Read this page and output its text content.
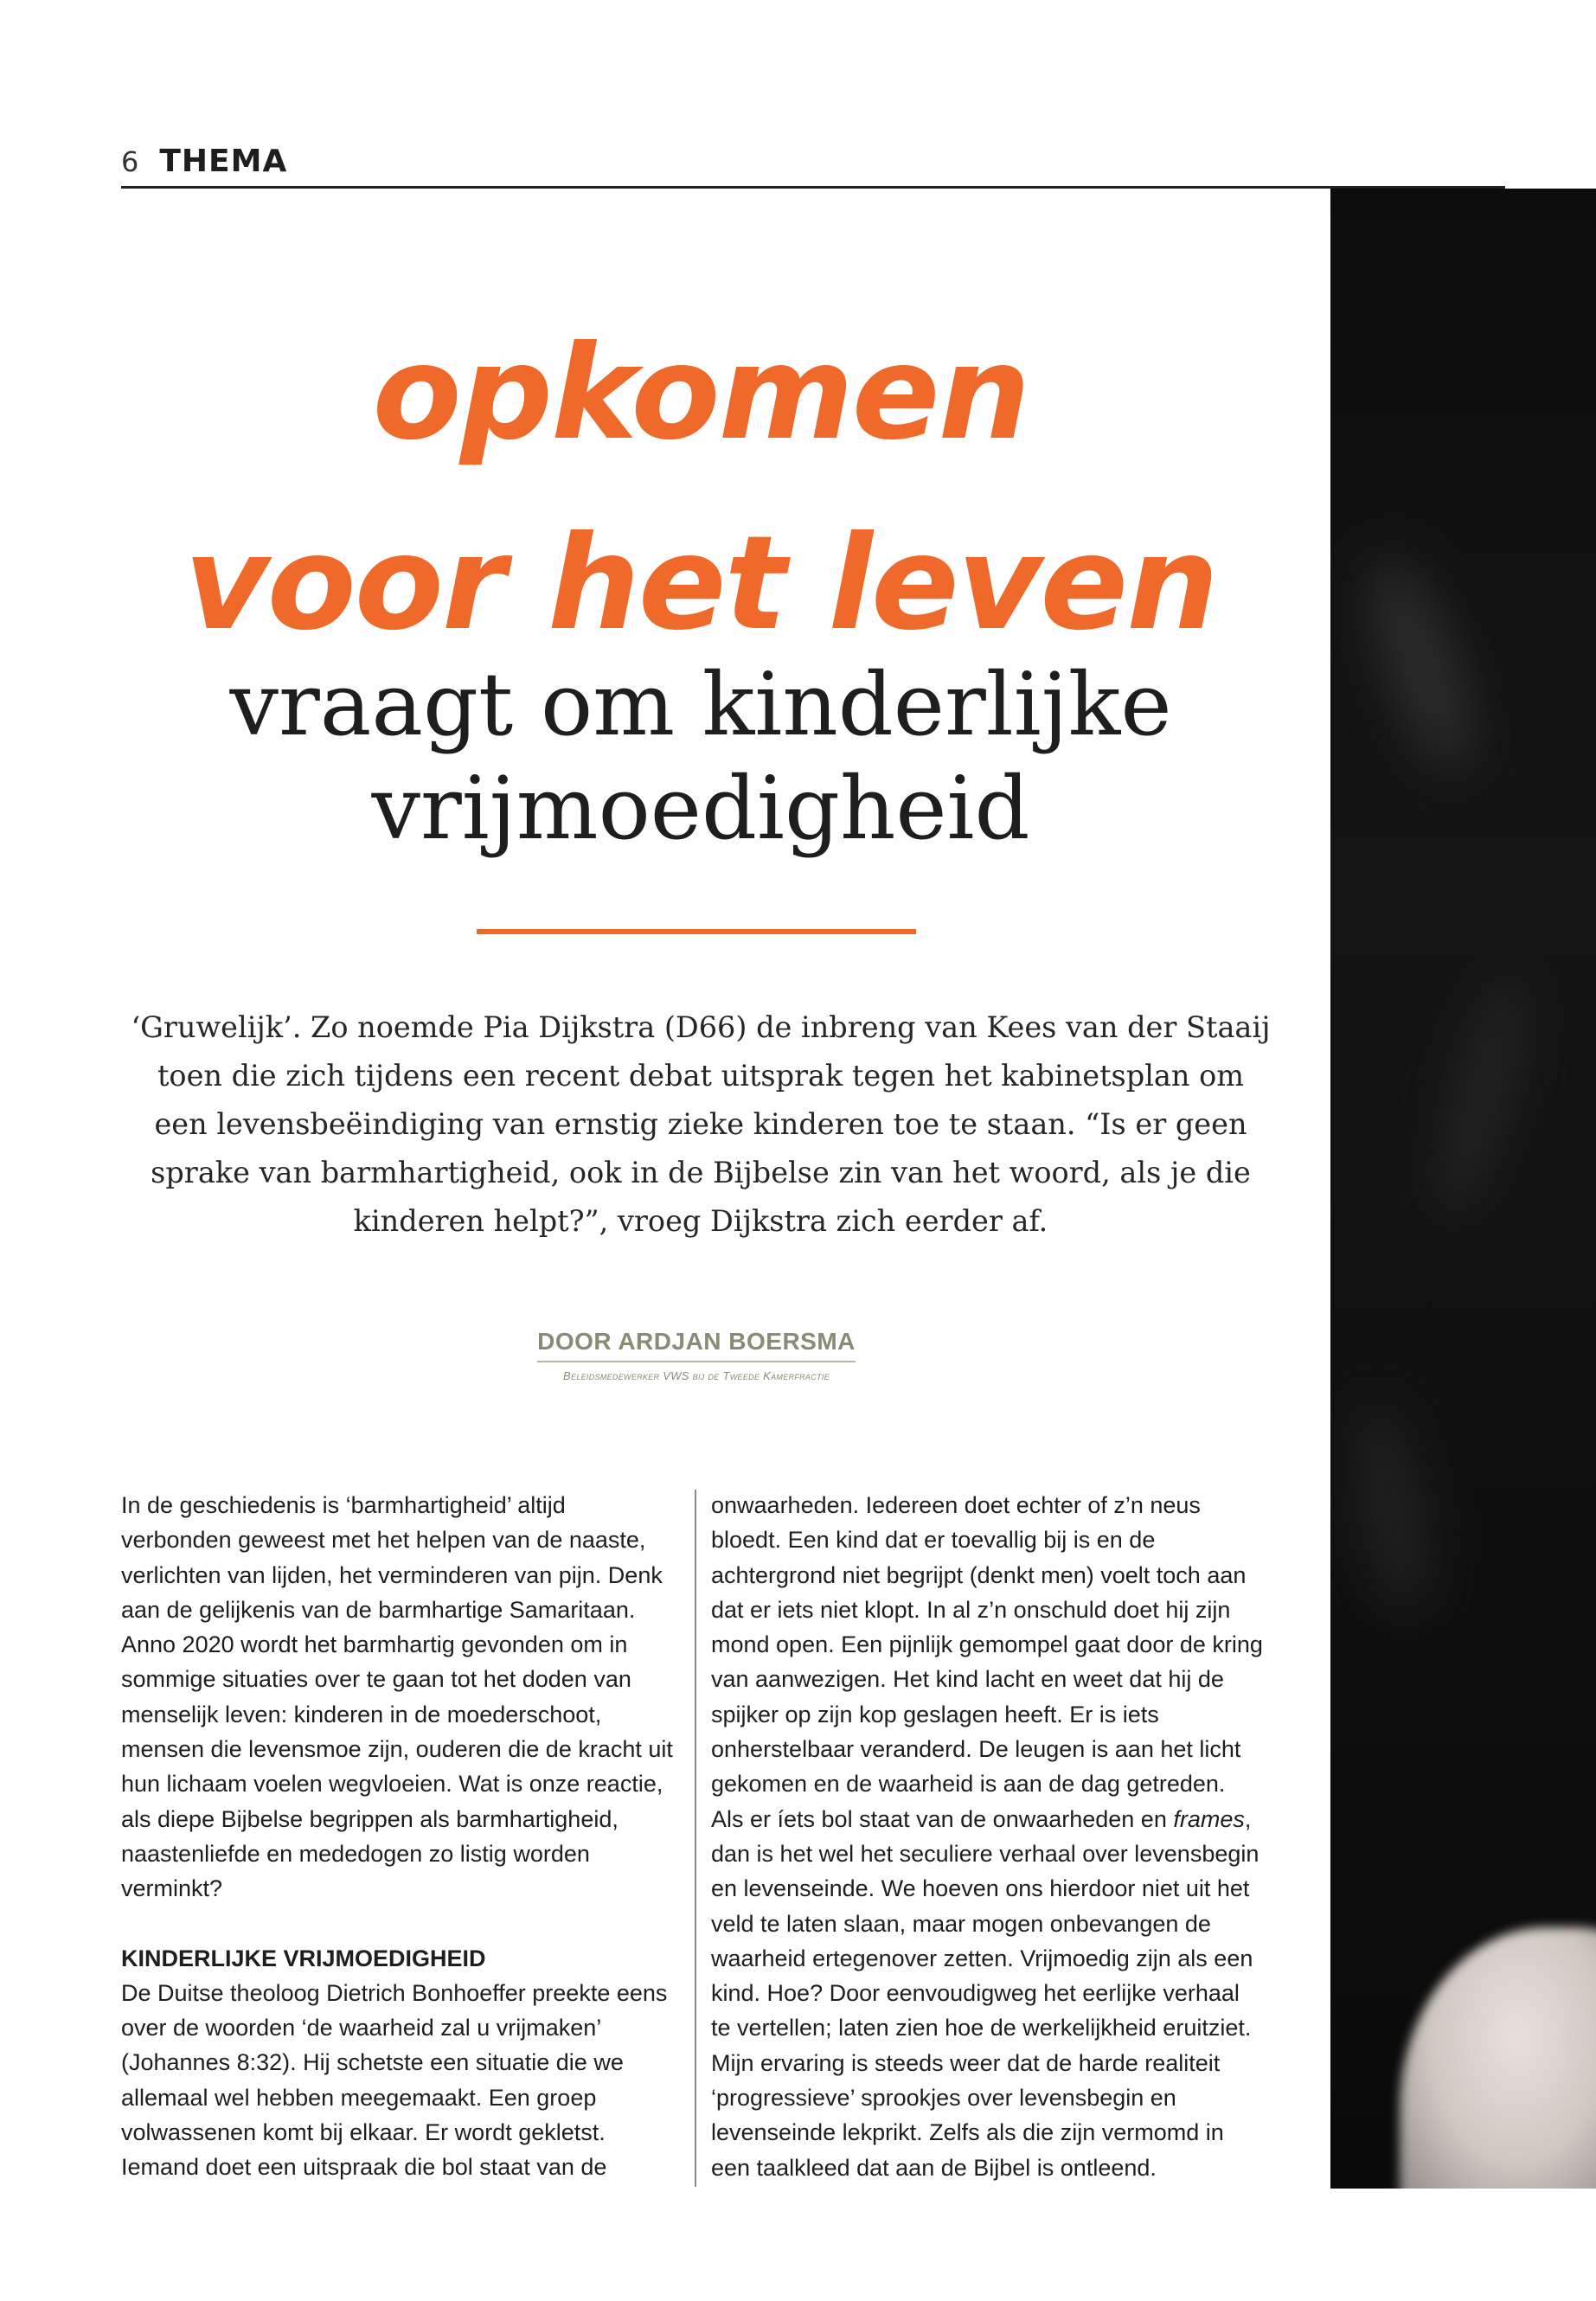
6 THEMA
opkomen
voor het leven
vraagt om kinderlijke
vrijmoedigheid

‘Gruwelijk’. Zo noemde Pia Dijkstra (D66) de inbreng van Kees van der Staaij toen die zich tijdens een recent debat uitsprak tegen het kabinetsplan om een levensbeëindiging van ernstig zieke kinderen toe te staan. “Is er geen sprake van barmhartigheid, ook in de Bijbelse zin van het woord, als je die kinderen helpt?”, vroeg Dijkstra zich eerder af.

DOOR ARDJAN BOERSMA
Beleidsmedewerker VWS bij de Tweede Kamerfractie

In de geschiedenis is ‘barmhartigheid’ altijd verbonden geweest met het helpen van de naaste, verlichten van lijden, het verminderen van pijn. Denk aan de gelijkenis van de barmhartige Samaritaan. Anno 2020 wordt het barmhartig gevonden om in sommige situaties over te gaan tot het doden van menselijk leven: kinderen in de moederschoot, mensen die levensmoe zijn, ouderen die de kracht uit hun lichaam voelen wegvloeien. Wat is onze reactie, als diepe Bijbelse begrippen als barmhartigheid, naastenliefde en mededogen zo listig worden verminkt?

KINDERLIJKE VRIJMOEDIGHEID

De Duitse theoloog Dietrich Bonhoeffer preekte eens over de woorden ‘de waarheid zal u vrijmaken’ (Johannes 8:32). Hij schetste een situatie die we allemaal wel hebben meegemaakt. Een groep volwassenen komt bij elkaar. Er wordt gekletst. Iemand doet een uitspraak die bol staat van de

onwaarheden. Iedereen doet echter of z’n neus bloedt. Een kind dat er toevallig bij is en de achtergrond niet begrijpt (denkt men) voelt toch aan dat er iets niet klopt. In al z’n onschuld doet hij zijn mond open. Een pijnlijk gemompel gaat door de kring van aanwezigen. Het kind lacht en weet dat hij de spijker op zijn kop geslagen heeft. Er is iets onherstelbaar veranderd. De leugen is aan het licht gekomen en de waarheid is aan de dag getreden.

Als er íets bol staat van de onwaarheden en frames, dan is het wel het seculiere verhaal over levensbegin en levenseinde. We hoeven ons hierdoor niet uit het veld te laten slaan, maar mogen onbevangen de waarheid ertegenover zetten. Vrijmoedig zijn als een kind. Hoe? Door eenvoudigweg het eerlijke verhaal te vertellen; laten zien hoe de werkelijkheid eruitziet. Mijn ervaring is steeds weer dat de harde realiteit ‘progressieve’ sprookjes over levensbegin en levenseinde lekprikt. Zelfs als die zijn vermomd in een taalkleed dat aan de Bijbel is ontleend.
